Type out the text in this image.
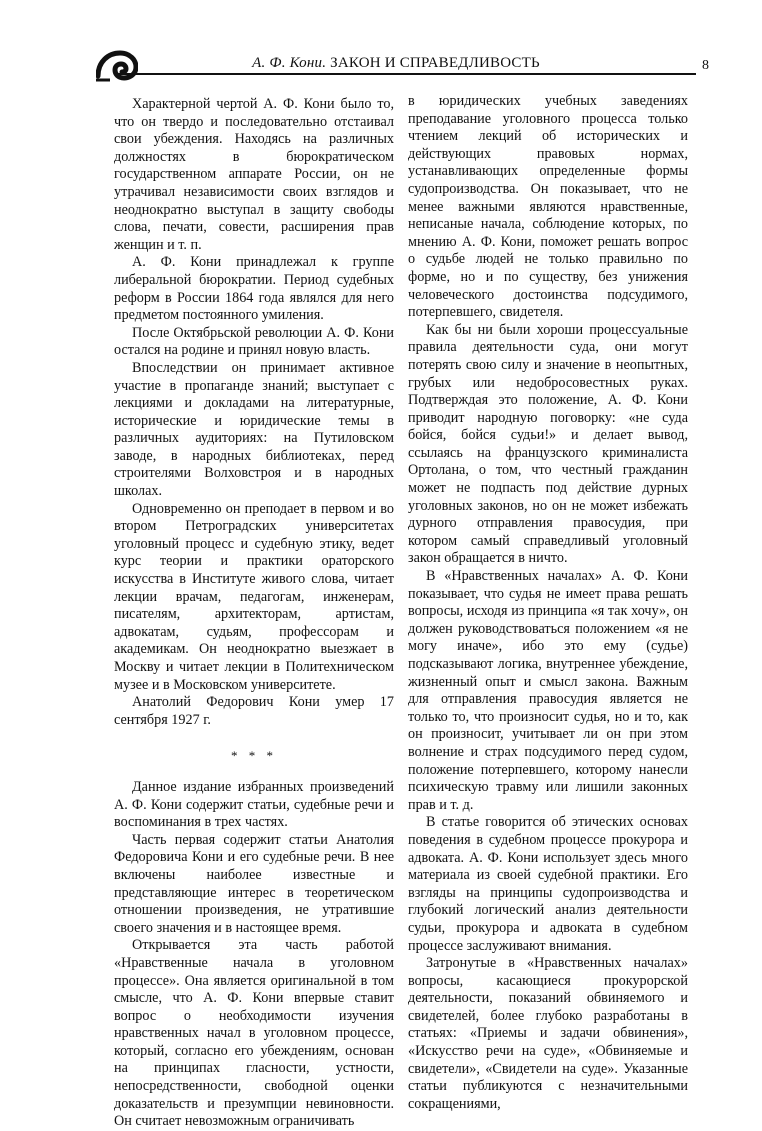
А. Ф. Кони. ЗАКОН И СПРАВЕДЛИВОСТЬ	8

Характерной чертой А. Ф. Кони было то, что он твердо и последовательно отстаивал свои убеждения. Находясь на различных должностях в бюрократическом государственном аппарате России, он не утрачивал независимости своих взглядов и неоднократно выступал в защиту свободы слова, печати, совести, расширения прав женщин и т. п.

А. Ф. Кони принадлежал к группе либеральной бюрократии. Период судебных реформ в России 1864 года являлся для него предметом постоянного умиления.

После Октябрьской революции А. Ф. Кони остался на родине и принял новую власть.

Впоследствии он принимает активное участие в пропаганде знаний; выступает с лекциями и докладами на литературные, исторические и юридические темы в различных аудиториях: на Путиловском заводе, в народных библиотеках, перед строителями Волховстроя и в народных школах.

Одновременно он преподает в первом и во втором Петроградских университетах уголовный процесс и судебную этику, ведет курс теории и практики ораторского искусства в Институте живого слова, читает лекции врачам, педагогам, инженерам, писателям, архитекторам, артистам, адвокатам, судьям, профессорам и академикам. Он неоднократно выезжает в Москву и читает лекции в Политехническом музее и в Московском университете.

Анатолий Федорович Кони умер 17 сентября 1927 г.

* * *

Данное издание избранных произведений А. Ф. Кони содержит статьи, судебные речи и воспоминания в трех частях.

Часть первая содержит статьи Анатолия Федоровича Кони и его судебные речи. В нее включены наиболее известные и представляющие интерес в теоретическом отношении произведения, не утратившие своего значения и в настоящее время.

Открывается эта часть работой «Нравственные начала в уголовном процессе». Она является оригинальной в том смысле, что А. Ф. Кони впервые ставит вопрос о необходимости изучения нравственных начал в уголовном процессе, который, согласно его убеждениям, основан на принципах гласности, устности, непосредственности, свободной оценки доказательств и презумпции невиновности. Он считает невозможным ограничивать

в юридических учебных заведениях преподавание уголовного процесса только чтением лекций об исторических и действующих правовых нормах, устанавливающих определенные формы судопроизводства. Он показывает, что не менее важными являются нравственные, неписаные начала, соблюдение которых, по мнению А. Ф. Кони, поможет решать вопрос о судьбе людей не только правильно по форме, но и по существу, без унижения человеческого достоинства подсудимого, потерпевшего, свидетеля.

Как бы ни были хороши процессуальные правила деятельности суда, они могут потерять свою силу и значение в неопытных, грубых или недобросовестных руках. Подтверждая это положение, А. Ф. Кони приводит народную поговорку: «не суда бойся, бойся судьи!» и делает вывод, ссылаясь на французского криминалиста Ортолана, о том, что честный гражданин может не подпасть под действие дурных уголовных законов, но он не может избежать дурного отправления правосудия, при котором самый справедливый уголовный закон обращается в ничто.

В «Нравственных началах» А. Ф. Кони показывает, что судья не имеет права решать вопросы, исходя из принципа «я так хочу», он должен руководствоваться положением «я не могу иначе», ибо это ему (судье) подсказывают логика, внутреннее убеждение, жизненный опыт и смысл закона. Важным для отправления правосудия является не только то, что произносит судья, но и то, как он произносит, учитывает ли он при этом волнение и страх подсудимого перед судом, положение потерпевшего, которому нанесли психическую травму или лишили законных прав и т. д.

В статье говорится об этических основах поведения в судебном процессе прокурора и адвоката. А. Ф. Кони использует здесь много материала из своей судебной практики. Его взгляды на принципы судопроизводства и глубокий логический анализ деятельности судьи, прокурора и адвоката в судебном процессе заслуживают внимания.

Затронутые в «Нравственных началах» вопросы, касающиеся прокурорской деятельности, показаний обвиняемого и свидетелей, более глубоко разработаны в статьях: «Приемы и задачи обвинения», «Искусство речи на суде», «Обвиняемые и свидетели», «Свидетели на суде». Указанные статьи публикуются с незначительными сокращениями,
